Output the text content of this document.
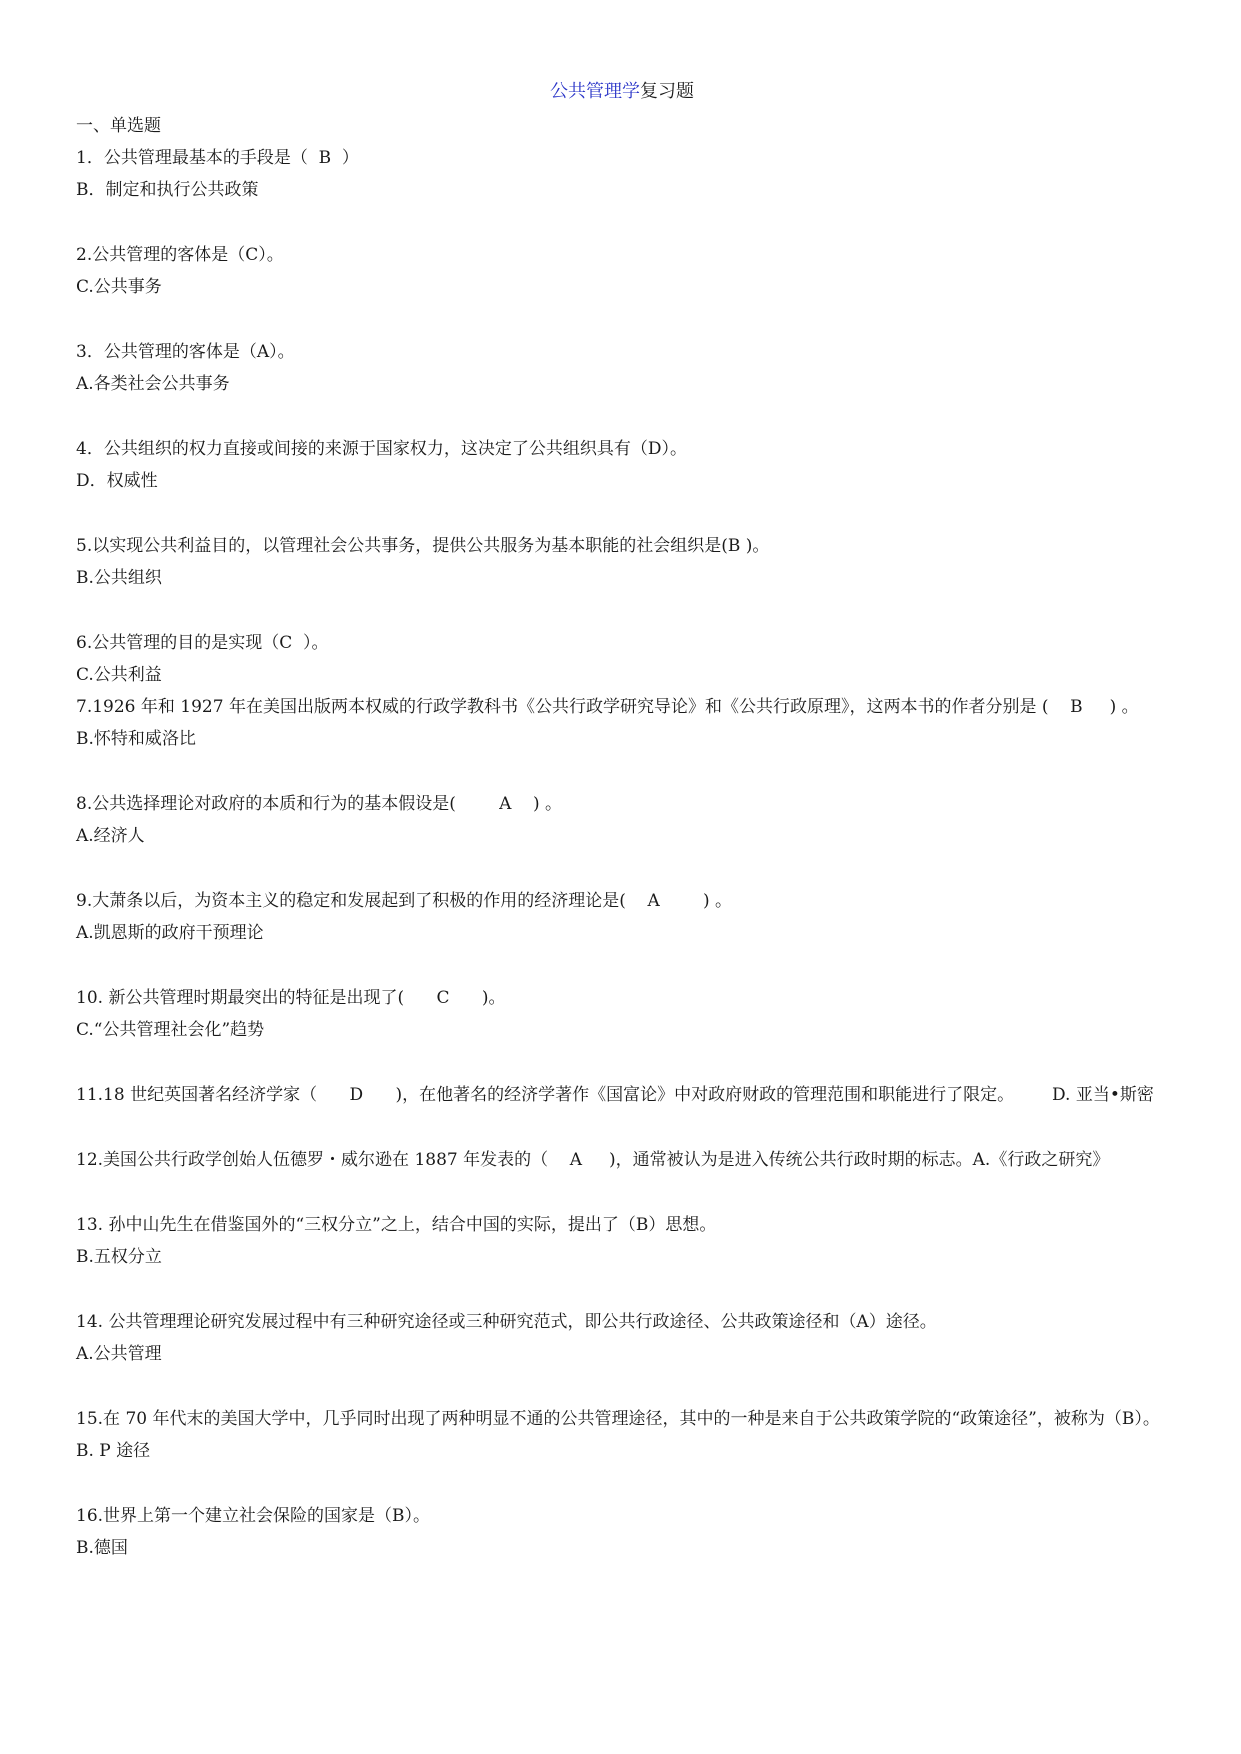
公共管理学复习题
一、单选题
1．公共管理最基本的手段是（  B  ）
B．制定和执行公共政策
2.公共管理的客体是（C）。
C.公共事务
3．公共管理的客体是（A）。
A.各类社会公共事务
4．公共组织的权力直接或间接的来源于国家权力，这决定了公共组织具有（D）。
D．权威性
5.以实现公共利益目的，以管理社会公共事务，提供公共服务为基本职能的社会组织是(B )。
B.公共组织
6.公共管理的目的是实现（C  ）。
C.公共利益
7.1926 年和 1927 年在美国出版两本权威的行政学教科书《公共行政学研究导论》和《公共行政原理》，这两本书的作者分别是 (    B     ) 。
B.怀特和威洛比
8.公共选择理论对政府的本质和行为的基本假设是(        A    ) 。
A.经济人
9.大萧条以后，为资本主义的稳定和发展起到了积极的作用的经济理论是(    A        ) 。
A.凯恩斯的政府干预理论
10. 新公共管理时期最突出的特征是出现了(      C      )。
C.“公共管理社会化”趋势
11.18 世纪英国著名经济学家（      D      )，在他著名的经济学著作《国富论》中对政府财政的管理范围和职能进行了限定。       D. 亚当•斯密
12.美国公共行政学创始人伍德罗・威尔逊在 1887 年发表的（    A     )，通常被认为是进入传统公共行政时期的标志。A.《行政之研究》
13. 孙中山先生在借鉴国外的“三权分立”之上，结合中国的实际，提出了（B）思想。
B.五权分立
14. 公共管理理论研究发展过程中有三种研究途径或三种研究范式，即公共行政途径、公共政策途径和（A）途径。
A.公共管理
15.在 70 年代末的美国大学中，几乎同时出现了两种明显不通的公共管理途径，其中的一种是来自于公共政策学院的“政策途径”，被称为（B）。
B. P 途径
16.世界上第一个建立社会保险的国家是（B）。
B.德国
